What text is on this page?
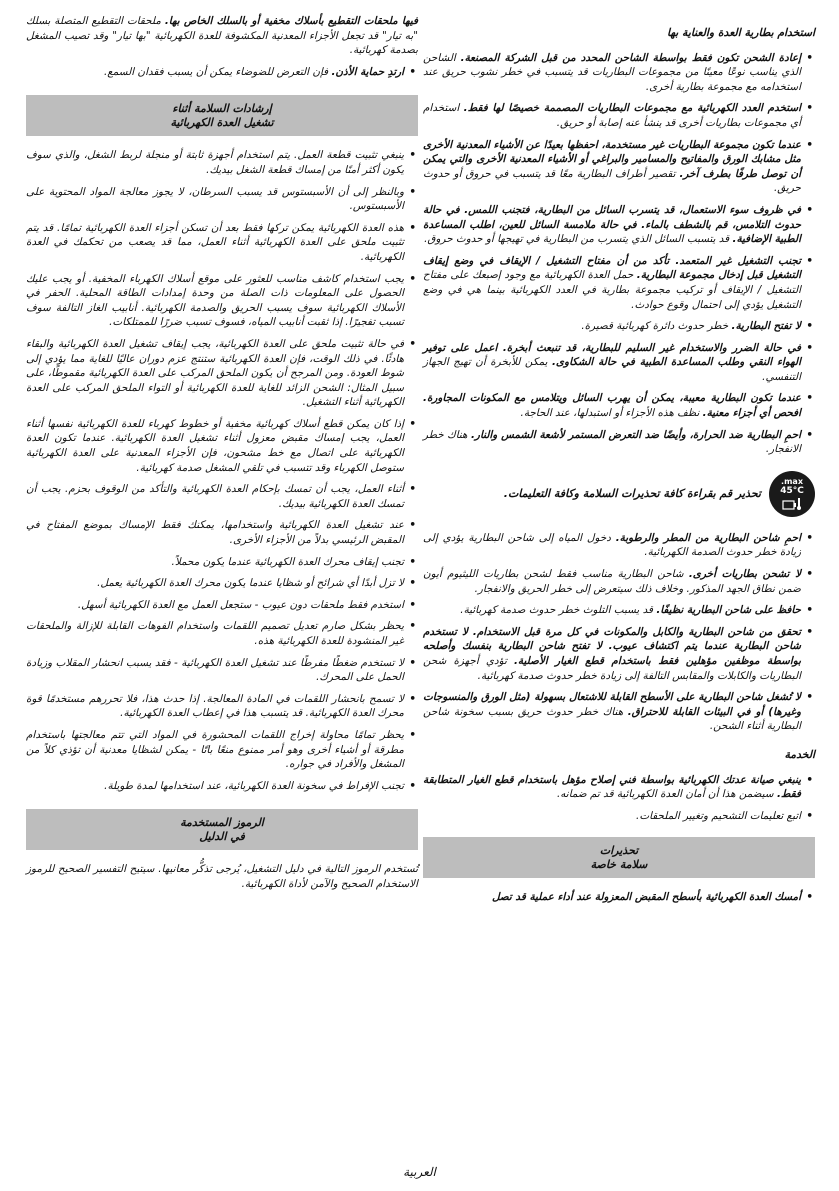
استخدام بطارية العدة والعناية بها
• إعادة الشحن تكون فقط بواسطة الشاحن المحدد من قبل الشركة المصنعة. الشاحن الذي يناسب نوعًا معينًا من مجموعات البطاريات قد يتسبب في خطر نشوب حريق عند استخدامه مع مجموعة بطارية أخرى.
• استخدم العدد الكهربائية مع مجموعات البطاريات المصممة خصيصًا لها فقط. استخدام أي مجموعات بطاريات أخرى قد ينشأ عنه إصابة أو حريق.
• عندما تكون مجموعة البطاريات غير مستخدمة، احفظها بعيدًا عن الأشياء المعدنية الأخرى مثل مشابك الورق والمفاتيح والمسامير والبراغي أو الأشياء المعدنية الأخرى والتي يمكن أن توصل طرفًا بطرف آخر. تقصير أطراف البطارية معًا قد يتسبب في حروق أو حدوث حريق.
• في ظروف سوء الاستعمال، قد يتسرب السائل من البطارية، فتجنب اللمس. في حالة حدوث التلامس، قم بالشطف بالماء. في حالة ملامسة السائل للعين، اطلب المساعدة الطبية الإضافية. قد يتسبب السائل الذي يتسرب من البطارية في تهيجها أو حدوث حروق.
• تجنب التشغيل غير المتعمد. تأكد من أن مفتاح التشغيل / الإيقاف في وضع إيقاف التشغيل قبل إدخال مجموعة البطارية. حمل العدة الكهربائية مع وجود إصبعك على مفتاح التشغيل / الإيقاف أو تركيب مجموعة بطارية في العدد الكهربائية بينما هي في وضع التشغيل يؤدي إلى احتمال وقوع حوادث.
• لا تفتح البطارية. خطر حدوث دائرة كهربائية قصيرة.
• في حالة الضرر والاستخدام غير السليم للبطارية، قد تنبعث أبخرة. اعمل على توفير الهواء النقي وطلب المساعدة الطبية في حالة الشكاوى. يمكن للأبخرة أن تهيج الجهاز التنفسي.
• عندما تكون البطارية معيبة، يمكن أن يهرب السائل ويتلامس مع المكونات المجاورة. افحص أي أجزاء معنية. نظف هذه الأجزاء أو استبدلها، عند الحاجة.
• احمِ البطارية ضد الحرارة، وأيضًا ضد التعرض المستمر لأشعة الشمس والنار. هناك خطر الانفجار.
max.
45°C
تحذير قم بقراءة كافة تحذيرات السلامة وكافة التعليمات.
• احمِ شاحن البطارية من المطر والرطوبة. دخول المياه إلى شاحن البطارية يؤدي إلى زيادة خطر حدوث الصدمة الكهربائية.
• لا تشحن بطاريات أخرى. شاحن البطارية مناسب فقط لشحن بطاريات الليثيوم أيون ضمن نطاق الجهد المذكور. وخلاف ذلك سيتعرض إلى خطر الحريق والانفجار.
• حافظ على شاحن البطارية نظيفًا. قد يسبب التلوث خطر حدوث صدمة كهربائية.
• تحقق من شاحن البطارية والكابل والمكونات في كل مرة قبل الاستخدام. لا تستخدم شاحن البطارية عندما يتم اكتشاف عيوب. لا تفتح شاحن البطارية بنفسك وأصلحه بواسطة موظفين مؤهلين فقط باستخدام قطع الغيار الأصلية. تؤدي أجهزة شحن البطاريات والكابلات والمقابس التالفة إلى زيادة خطر حدوث صدمة كهربائية.
• لا تُشغل شاحن البطارية على الأسطح القابلة للاشتعال بسهولة (مثل الورق والمنسوجات وغيرها) أو في البيئات القابلة للاحتراق. هناك خطر حدوث حريق بسبب سخونة شاحن البطارية أثناء الشحن.
الخدمة
• ينبغي صيانة عدتك الكهربائية بواسطة فني إصلاح مؤهل باستخدام قطع الغيار المتطابقة فقط. سيضمن هذا أن أمان العدة الكهربائية قد تم ضمانه.
• اتبع تعليمات التشحيم وتغيير الملحقات.
تحذيرات
سلامة خاصة
• أمسك العدة الكهربائية بأسطح المقبض المعزولة عند أداء عملية قد تصل
فيها ملحقات التقطيع بأسلاك مخفية أو بالسلك الخاص بها. ملحقات التقطيع المتصلة بسلك "به تيار" قد تجعل الأجزاء المعدنية المكشوفة للعدة الكهربائية "بها تيار" وقد تصيب المشغل بصدمة كهربائية.
• ارتدِ حماية الأذن. فإن التعرض للضوضاء يمكن أن يسبب فقدان السمع.
إرشادات السلامة أثناء
تشغيل العدة الكهربائية
• ينبغي تثبيت قطعة العمل. يتم استخدام أجهزة ثابتة أو منجلة لربط الشغل، والذي سوف يكون أكثر أمنًا من إمساك قطعة الشغل بيديك.
• وبالنظر إلى أن الأسبستوس قد يسبب السرطان، لا يجوز معالجة المواد المحتوية على الأسبستوس.
• هذه العدة الكهربائية يمكن تركها فقط بعد أن تسكن أجزاء العدة الكهربائية تمامًا. قد يتم تثبيت ملحق على العدة الكهربائية أثناء العمل، مما قد يصعب من تحكمك في العدة الكهربائية.
• يجب استخدام كاشف مناسب للعثور على موقع أسلاك الكهرباء المخفية. أو يجب عليك الحصول على المعلومات ذات الصلة من وحدة إمدادات الطاقة المحلية. الحفر في الأسلاك الكهربائية سوف يسبب الحريق والصدمة الكهربائية. أنابيب الغاز التالفة سوف تسبب تفجيرًا. إذا ثقبت أنابيب المياه، فسوف تسبب ضررًا للممتلكات.
• في حالة تثبيت ملحق على العدة الكهربائية، يجب إيقاف تشغيل العدة الكهربائية والبقاء هادئًا. في ذلك الوقت، فإن العدة الكهربائية ستنتج عزم دوران عاليًا للغاية مما يؤدي إلى شوط العودة. ومن المرجح أن يكون الملحق المركب على العدة الكهربائية مقموطًا، على سبيل المثال: الشحن الزائد للغاية للعدة الكهربائية أو التواء الملحق المركب على العدة الكهربائية أثناء التشغيل.
• إذا كان يمكن قطع أسلاك كهربائية مخفية أو خطوط كهرباء للعدة الكهربائية نفسها أثناء العمل، يجب إمساك مقبض معزول أثناء تشغيل العدة الكهربائية. عندما تكون العدة الكهربائية على اتصال مع خط مشحون، فإن الأجزاء المعدنية على العدة الكهربائية ستوصل الكهرباء وقد تتسبب في تلقي المشغل صدمة كهربائية.
• أثناء العمل، يجب أن تمسك بإحكام العدة الكهربائية والتأكد من الوقوف بحزم. يجب أن تمسك العدة الكهربائية بيديك.
• عند تشغيل العدة الكهربائية واستخدامها، يمكنك فقط الإمساك بموضع المفتاح في المقبض الرئيسي بدلاً من الأجزاء الأخرى.
• تجنب إيقاف محرك العدة الكهربائية عندما يكون محملاً.
• لا تزل أبدًا أي شرائح أو شظايا عندما يكون محرك العدة الكهربائية يعمل.
• استخدم فقط ملحقات دون عيوب - ستجعل العمل مع العدة الكهربائية أسهل.
• يحظر بشكل صارم تعديل تصميم اللقمات واستخدام الفوهات القابلة للإزالة والملحقات غير المنشودة للعدة الكهربائية هذه.
• لا تستخدم ضغطًا مفرطًا عند تشغيل العدة الكهربائية - فقد يسبب انحشار المقلاب وزيادة الحمل على المحرك.
• لا تسمح بانحشار اللقمات في المادة المعالجة. إذا حدث هذا، فلا تحررهم مستخدمًا قوة محرك العدة الكهربائية. قد يتسبب هذا في إعطاب العدة الكهربائية.
• يحظر تمامًا محاولة إخراج اللقمات المحشورة في المواد التي تتم معالجتها باستخدام مطرقة أو أشياء أخرى وهو أمر ممنوع منعًا باتًا - يمكن لشظايا معدنية أن تؤذي كلاً من المشغل والأفراد في جواره.
• تجنب الإفراط في سخونة العدة الكهربائية، عند استخدامها لمدة طويلة.
الرموز المستخدمة
في الدليل
تُستخدم الرموز التالية في دليل التشغيل، يُرجى تذكُّر معانيها. سيتيح التفسير الصحيح للرموز الاستخدام الصحيح والآمن لأداة الكهربائية.
العربية
